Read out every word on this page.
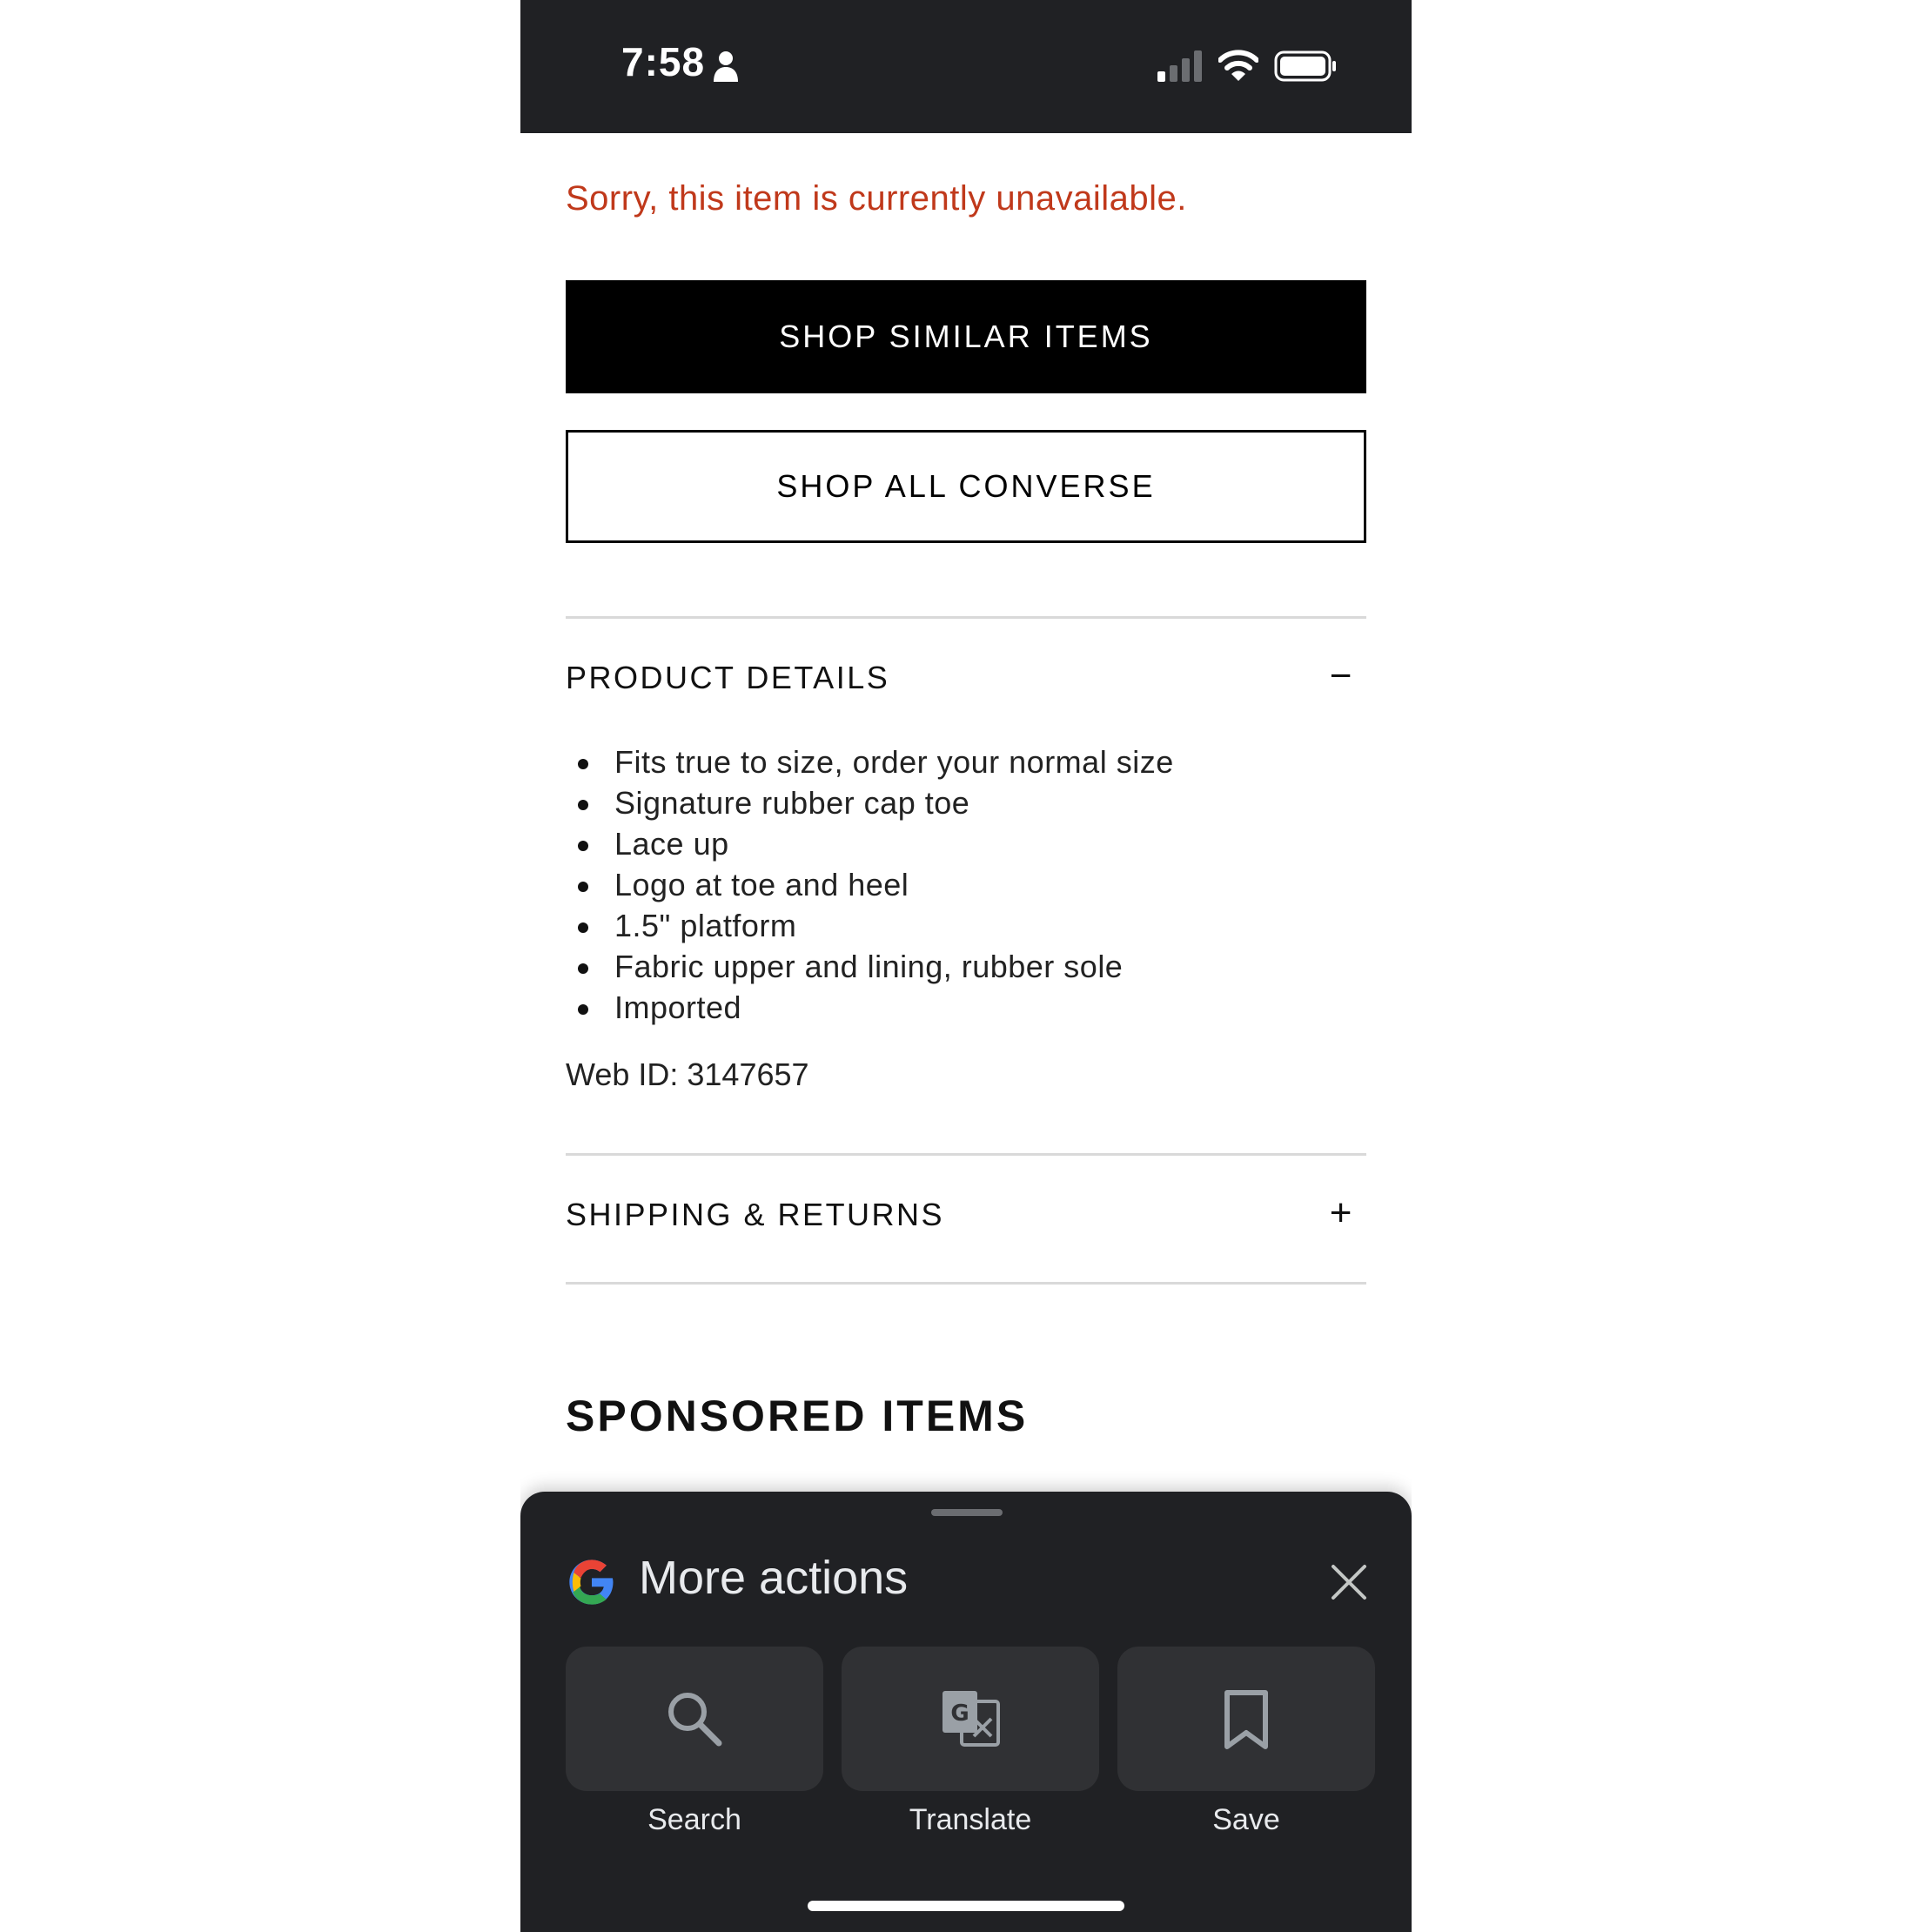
7:58
Sorry, this item is currently unavailable.
SHOP SIMILAR ITEMS
SHOP ALL CONVERSE
PRODUCT DETAILS	−
Fits true to size, order your normal size
Signature rubber cap toe
Lace up
Logo at toe and heel
1.5" platform
Fabric upper and lining, rubber sole
Imported
Web ID: 3147657
SHIPPING & RETURNS	+
SPONSORED ITEMS
More actions
Search
G
Translate	Save
